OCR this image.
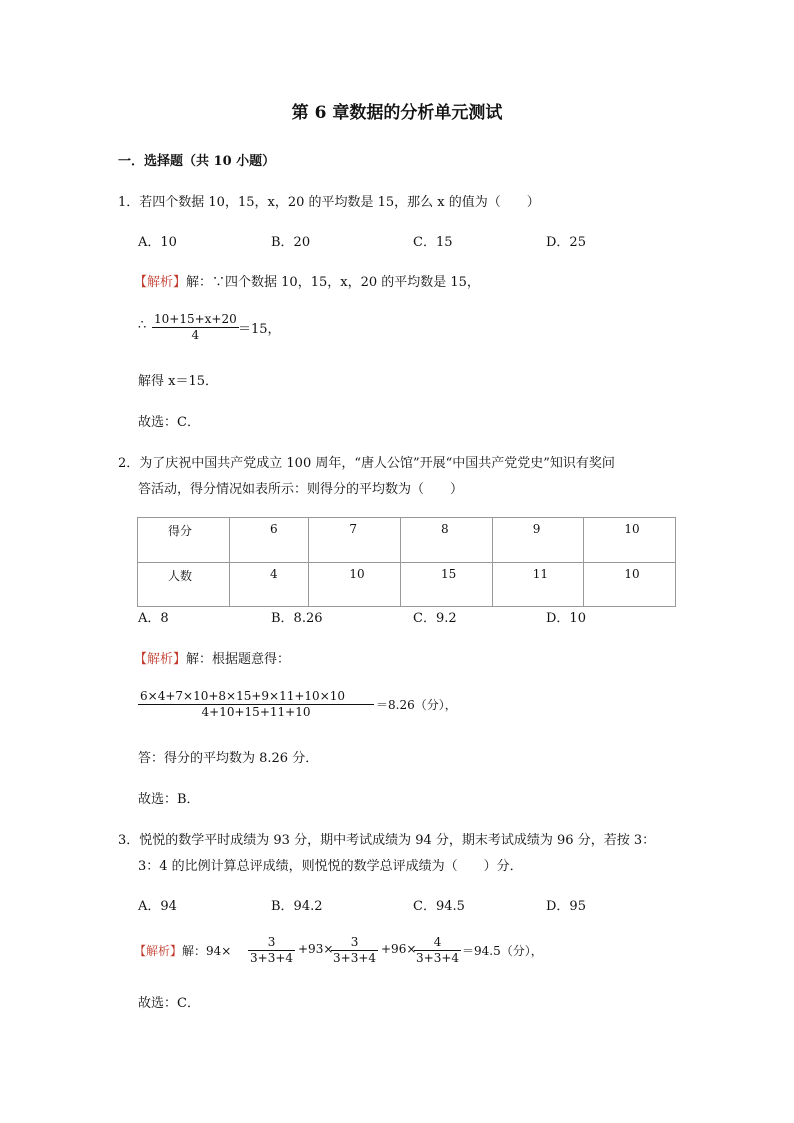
第 6 章数据的分析单元测试
一．选择题（共 10 小题）
1．若四个数据 10，15，x，20 的平均数是 15，那么 x 的值为（　　）
A．10	B．20	C．15	D．25
【解析】解：∵四个数据 10，15，x，20 的平均数是 15，
∴ $\frac{10+15+x+20}{4} =15$，
解得 x＝15．
故选：C．
2．为了庆祝中国共产党成立 100 周年，“唐人公馆”开展“中国共产党党史”知识有奖问
答活动，得分情况如表所示：则得分的平均数为（　　）
得分	6	7	8	9	10
人数	4	10	15	11	10
A．8	B．8.26	C．9.2	D．10
【解析】解：根据题意得：
$\frac{6\times 4+7\times 10+8\times 15+9\times 11+10\times 10}{4+10+15+11+10} =8.26$（分），
答：得分的平均数为 8.26 分．
故选：B．
3．悦悦的数学平时成绩为 93 分，期中考试成绩为 94 分，期末考试成绩为 96 分，若按 3：
3：4 的比例计算总评成绩，则悦悦的数学总评成绩为（　　）分．
A．94	B．94.2	C．94.5	D．95
【解析】解：$94\times \frac{3}{3+3+4} +93\times$
$\frac{3}{3+3+4} +96\times$
$\frac{4}{3+3+4} =94.5$（分），
故选：C．
